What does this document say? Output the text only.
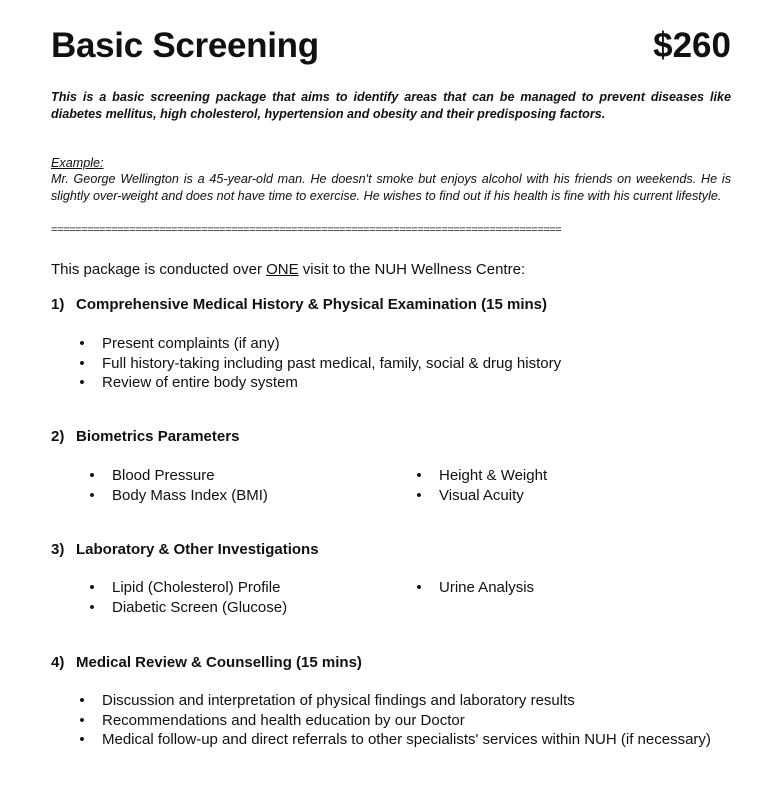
Basic Screening	$260
This is a basic screening package that aims to identify areas that can be managed to prevent diseases like diabetes mellitus, high cholesterol, hypertension and obesity and their predisposing factors.
Example:
Mr. George Wellington is a 45-year-old man. He doesn't smoke but enjoys alcohol with his friends on weekends. He is slightly over-weight and does not have time to exercise. He wishes to find out if his health is fine with his current lifestyle.
=====================================================================================
This package is conducted over ONE visit to the NUH Wellness Centre:
1) Comprehensive Medical History & Physical Examination (15 mins)
• Present complaints (if any)
• Full history-taking including past medical, family, social & drug history
• Review of entire body system
2) Biometrics Parameters
• Blood Pressure
• Body Mass Index (BMI)
• Height & Weight
• Visual Acuity
3) Laboratory & Other Investigations
• Lipid (Cholesterol) Profile
• Diabetic Screen (Glucose)
• Urine Analysis
4) Medical Review & Counselling (15 mins)
• Discussion and interpretation of physical findings and laboratory results
• Recommendations and health education by our Doctor
• Medical follow-up and direct referrals to other specialists' services within NUH (if necessary)
